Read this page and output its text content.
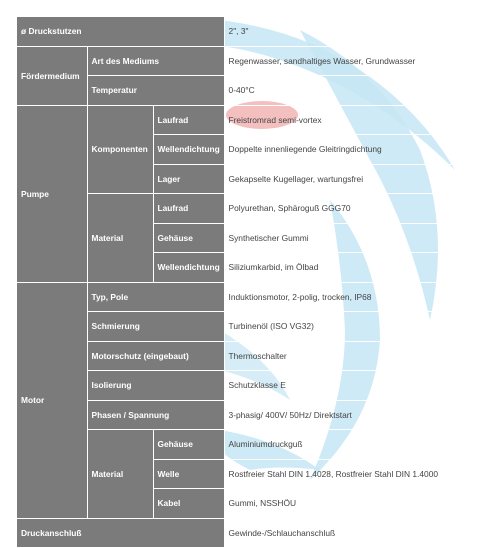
ø Druckstutzen			2", 3"
Fördermedium	Art des Mediums		Regenwasser, sandhaltiges Wasser, Grundwasser
	Temperatur		0-40°C
Pumpe	Komponenten	Laufrad	Freistromrad semi-vortex
		Wellendichtung	Doppelte innenliegende Gleitringdichtung
		Lager	Gekapselte Kugellager, wartungsfrei
	Material	Laufrad	Polyurethan, Sphäroguß GGG70
		Gehäuse	Synthetischer Gummi
		Wellendichtung	Siliziumkarbid, im Ölbad
Motor	Typ, Pole		Induktionsmotor, 2-polig, trocken, IP68
	Schmierung		Turbinenöl (ISO VG32)
	Motorschutz (eingebaut)		Thermoschalter
	Isolierung		Schutzklasse E
	Phasen / Spannung		3-phasig/ 400V/ 50Hz/ Direktstart
	Material	Gehäuse	Aluminiumdruckguß
		Welle	Rostfreier Stahl DIN 1.4028, Rostfreier Stahl DIN 1.4000
		Kabel	Gummi, NSSHÖU
Druckanschluß			Gewinde-/Schlauchanschluß
